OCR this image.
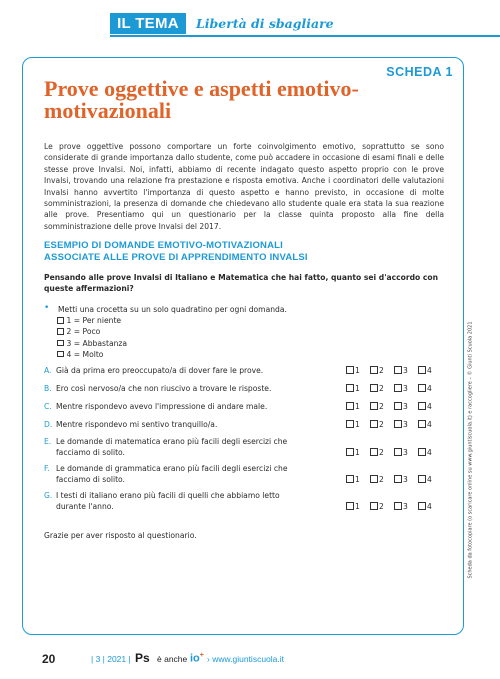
IL TEMA	Libertà di sbagliare
SCHEDA 1
Prove oggettive e aspetti emotivo-motivazionali

Le prove oggettive possono comportare un forte coinvolgimento emotivo, soprattutto se sono considerate di grande importanza dallo studente, come può accadere in occasione di esami finali e delle stesse prove Invalsi. Noi, infatti, abbiamo di recente indagato questo aspetto proprio con le prove Invalsi, trovando una relazione fra prestazione e risposta emotiva. Anche i coordinatori delle valutazioni Invalsi hanno avvertito l'importanza di questo aspetto e hanno previsto, in occasione di molte somministrazioni, la presenza di domande che chiedevano allo studente quale era stata la sua reazione alle prove. Presentiamo qui un questionario per la classe quinta proposto alla fine della somministrazione delle prove Invalsi del 2017.

ESEMPIO DI DOMANDE EMOTIVO-MOTIVAZIONALI
ASSOCIATE ALLE PROVE DI APPRENDIMENTO INVALSI

Pensando alle prove Invalsi di Italiano e Matematica che hai fatto, quanto sei d'accordo con queste affermazioni?

• Metti una crocetta su un solo quadratino per ogni domanda.
1 = Per niente
2 = Poco
3 = Abbastanza
4 = Molto
A. Già da prima ero preoccupato/a di dover fare le prove.	1	2	3	4
B. Ero così nervoso/a che non riuscivo a trovare le risposte.	1	2	3	4
C. Mentre rispondevo avevo l'impressione di andare male.	1	2	3	4
D. Mentre rispondevo mi sentivo tranquillo/a.	1	2	3	4
E. Le domande di matematica erano più facili degli esercizi che facciamo di solito.	1	2	3	4
F. Le domande di grammatica erano più facili degli esercizi che facciamo di solito.	1	2	3	4
G. I testi di italiano erano più facili di quelli che abbiamo letto durante l'anno.	1	2	3	4

Grazie per aver risposto al questionario.	Scheda da fotocopiare (o scaricare online su www.giuntiscuola.it) e raccogliere – © Giunti Scuola 2021
20	| 3 | 2021 | Ps è anche io+ › www.giuntiscuola.it
